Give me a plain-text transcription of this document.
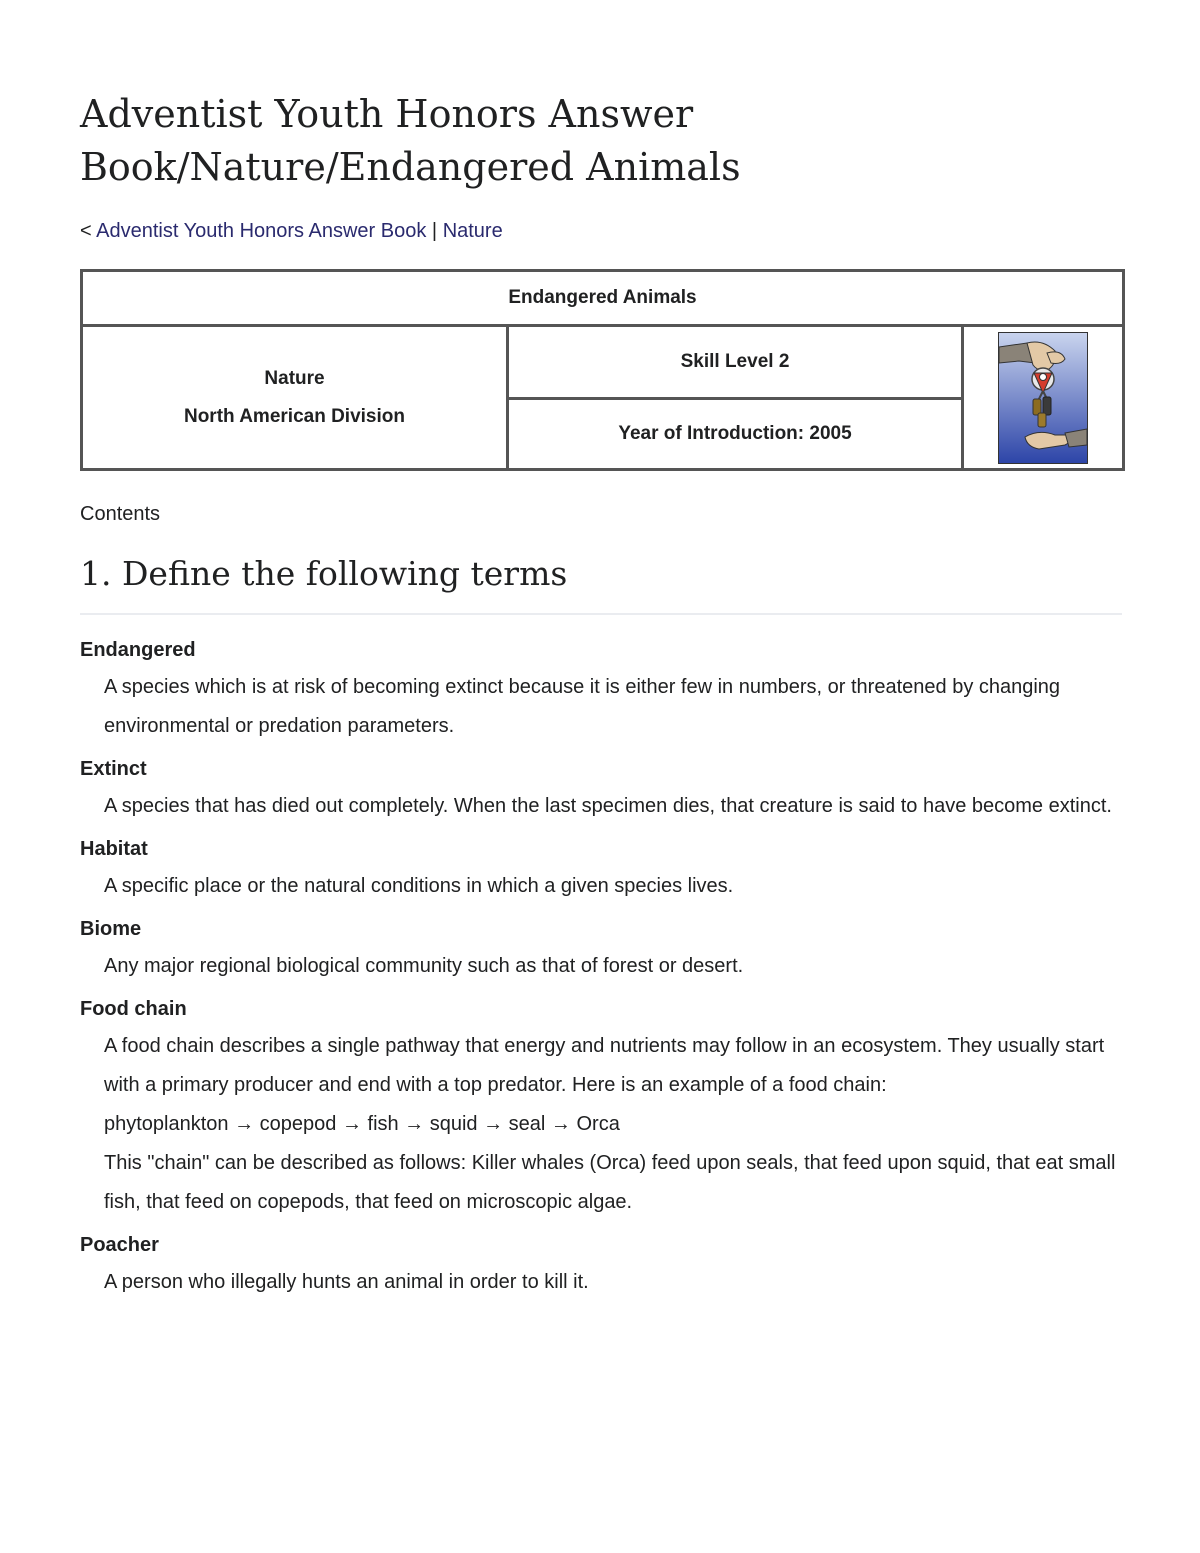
Adventist Youth Honors Answer
Book/Nature/Endangered Animals
< Adventist Youth Honors Answer Book | Nature
Endangered Animals

Nature
North American Division
	Skill Level 2	

Year of Introduction: 2005
Contents
1. Define the following terms
Endangered

A species which is at risk of becoming extinct because it is either few in numbers, or threatened by changing environmental or predation parameters.

Extinct

A species that has died out completely. When the last specimen dies, that creature is said to have become extinct.

Habitat

A specific place or the natural conditions in which a given species lives.

Biome

Any major regional biological community such as that of forest or desert.

Food chain

A food chain describes a single pathway that energy and nutrients may follow in an ecosystem. They usually start with a primary producer and end with a top predator. Here is an example of a food chain:

phytoplankton → copepod → fish → squid → seal → Orca

This "chain" can be described as follows: Killer whales (Orca) feed upon seals, that feed upon squid, that eat small fish, that feed on copepods, that feed on microscopic algae.

Poacher

A person who illegally hunts an animal in order to kill it.
